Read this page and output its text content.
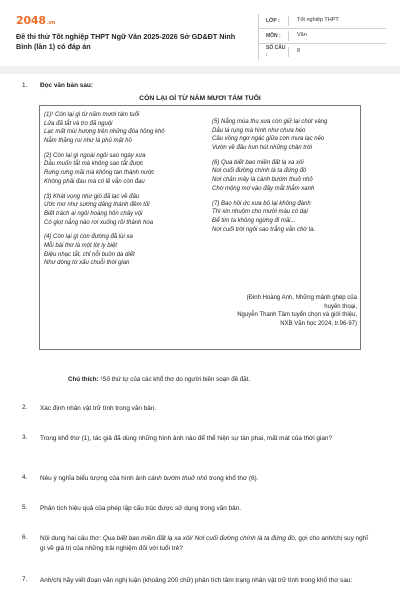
2048.vn
Đề thi thử Tốt nghiệp THPT Ngữ Văn 2025-2026 Sở GD&ĐT Ninh Bình (lần 1) có đáp án
LỚP :	Tốt nghiệp THPT
MÔN :	Văn
SỐ CÂU :
8
1. Đọc văn bản sau:
CÒN LẠI GÌ TỪ NĂM MƯƠI TÁM TUỔI
(1)¹ Còn lại gì từ năm mươi tám tuổi
Lửa đã tắt và tro đã nguội
Lạc mất mùi hương trên những đóa hồng khô
Nằm thăng roi như lá phủ mặt hồ
(2) Còn lại gì ngoài ngôi sao ngày xưa
Dẫu muốn tắt mà không sao tắt được
Rưng rưng mãi mà không tan thành nước
Không phải đau mà có lẽ vẫn còn đau
(3) Khát vọng như gió đã lạc về đâu
Ước mơ như sương dâng thành đêm tối
Biết trách ai ngôi hoàng hôn chảy vội
Có giọt nắng nào rơi xuống rồi thành hoa
(4) Còn lại gì con đường đã lùi xa
Mỗi bài thơ là một lời ly biệt
Điệu nhạc tắt, chỉ nỗi buồn da diết
Như dòng tơ xấu chuỗi thời gian
(5) Nắng mùa thu xưa còn giữ lại chút vàng
Dẫu lá rụng mà hình như chưa héo
Cầu vồng ngơ ngác giữa cơn mưa lạc nẻo
Vườn về đâu hun hút những chân trời
(6) Qua biết bao miền đất lạ xa xôi
Nơi cuối đường chính là ta đứng đó
Nơi chân mây là cánh bướm thuở nhỏ
Chờ mộng mơ vào đây mắt thắm xanh
(7) Bao hồi ức xưa bỏ lại không đành
Thì xin nhuộm cho mười màu có dại
Để tim ta không ngừng đi mãi...
Nơi cuối trời ngôi sao trắng vẫn chờ ta.
(Đinh Hoàng Anh, Những mảnh ghép của
huyền thoại,
Nguyễn Thanh Tâm tuyển chọn và giới thiệu,
NXB Văn học 2024, tr.96-97)
Chú thích: ¹Số thứ tự của các khổ thơ do người biên soạn đề đặt.
2. Xác định nhân vật trữ tình trong văn bản.
3. Trong khổ thơ (1), tác giả đã dùng những hình ảnh nào để thể hiện sự tàn phai, mất mát của thời gian?
4. Nêu ý nghĩa biểu tượng của hình ảnh cánh bướm thuở nhỏ trong khổ thơ (6).
5. Phân tích hiệu quả của phép lặp cấu trúc được sử dụng trong văn bản.
6. Nội dung hai câu thơ: Qua biết bao miền đất lạ xa xôi/ Nơi cuối đường chính là ta đứng đó, gợi cho anh/chị suy nghĩ gì về giá trị của những trải nghiệm đối với tuổi trẻ?
7. Anh/chị hãy viết đoạn văn nghị luận (khoảng 200 chữ) phân tích tâm trạng nhân vật trữ tình trong khổ thơ sau:
